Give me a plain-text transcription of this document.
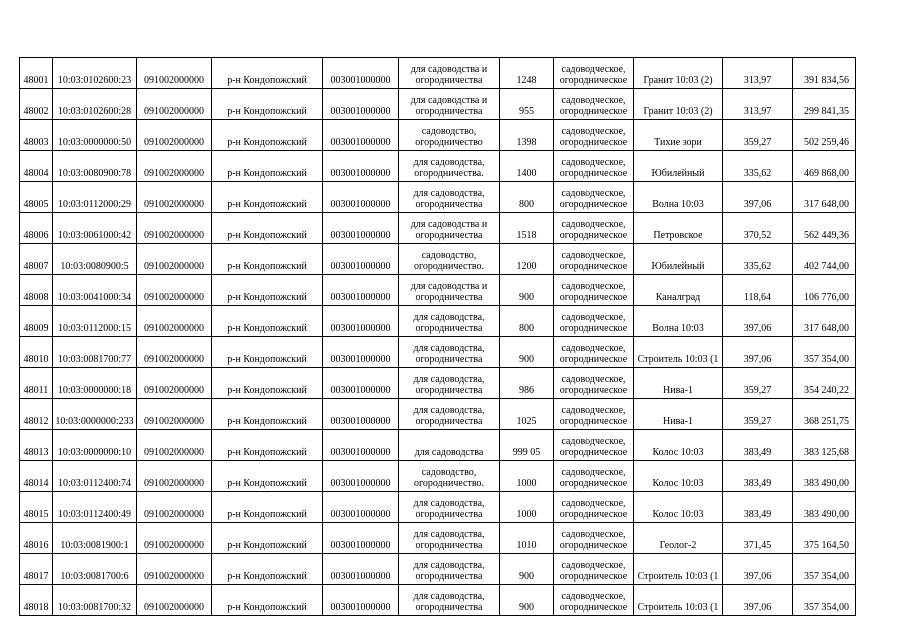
48001	10:03:0102600:23	091002000000	р-н Кондопожский	003001000000	для садоводства и
огородничества	1248	садоводческое,
огородническое	Гранит 10:03 (2)	313,97	391 834,56
48002	10:03:0102600:28	091002000000	р-н Кондопожский	003001000000	для садоводства и
огородничества	955	садоводческое,
огородническое	Гранит 10:03 (2)	313,97	299 841,35
48003	10:03:0000000:50	091002000000	р-н Кондопожский	003001000000	садоводство,
огородничество	1398	садоводческое,
огородническое	Тихие зори	359,27	502 259,46
48004	10:03:0080900:78	091002000000	р-н Кондопожский	003001000000	для садоводства,
огородничества.	1400	садоводческое,
огородническое	Юбилейный	335,62	469 868,00
48005	10:03:0112000:29	091002000000	р-н Кондопожский	003001000000	для садоводства,
огородничества	800	садоводческое,
огородническое	Волна 10:03	397,06	317 648,00
48006	10:03:0061000:42	091002000000	р-н Кондопожский	003001000000	для садоводства и
огородничества	1518	садоводческое,
огородническое	Петровское	370,52	562 449,36
48007	10:03:0080900:5	091002000000	р-н Кондопожский	003001000000	садоводство,
огородничество.	1200	садоводческое,
огородническое	Юбилейный	335,62	402 744,00
48008	10:03:0041000:34	091002000000	р-н Кондопожский	003001000000	для садоводства и
огородничества	900	садоводческое,
огородническое	Каналград	118,64	106 776,00
48009	10:03:0112000:15	091002000000	р-н Кондопожский	003001000000	для садоводства,
огородничества	800	садоводческое,
огородническое	Волна 10:03	397,06	317 648,00
48010	10:03:0081700:77	091002000000	р-н Кондопожский	003001000000	для садоводства,
огородничества	900	садоводческое,
огородническое	Строитель 10:03 (1	397,06	357 354,00
48011	10:03:0000000:18	091002000000	р-н Кондопожский	003001000000	для садоводства,
огородничества	986	садоводческое,
огородническое	Нива-1	359,27	354 240,22
48012	10:03:0000000:233	091002000000	р-н Кондопожский	003001000000	для садоводства,
огородничества	1025	садоводческое,
огородническое	Нива-1	359,27	368 251,75
48013	10:03:0000000:10	091002000000	р-н Кондопожский	003001000000	для садоводства	999 05	садоводческое,
огородническое	Колос 10:03	383,49	383 125,68
48014	10:03:0112400:74	091002000000	р-н Кондопожский	003001000000	садоводство,
огородничество.	1000	садоводческое,
огородническое	Колос 10:03	383,49	383 490,00
48015	10:03:0112400:49	091002000000	р-н Кондопожский	003001000000	для садоводства,
огородничества	1000	садоводческое,
огородническое	Колос 10:03	383,49	383 490,00
48016	10:03:0081900:1	091002000000	р-н Кондопожский	003001000000	для садоводства,
огородничества	1010	садоводческое,
огородническое	Геолог-2	371,45	375 164,50
48017	10:03:0081700:6	091002000000	р-н Кондопожский	003001000000	для садоводства,
огородничества	900	садоводческое,
огородническое	Строитель 10:03 (1	397,06	357 354,00
48018	10:03:0081700:32	091002000000	р-н Кондопожский	003001000000	для садоводства,
огородничества	900	садоводческое,
огородническое	Строитель 10:03 (1	397,06	357 354,00
